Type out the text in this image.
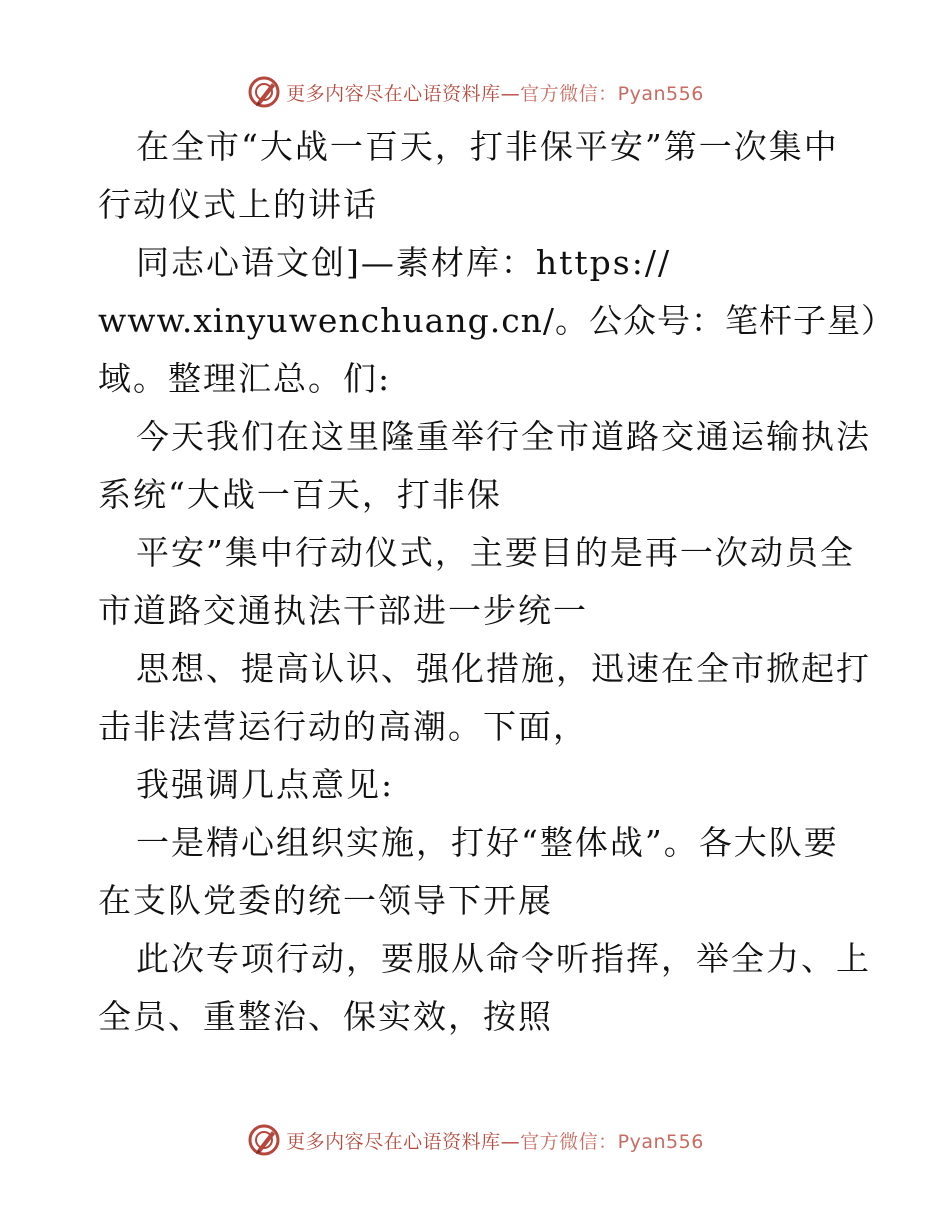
更多内容尽在心语资料库—官方微信：Pyan556
在全市“大战一百天，打非保平安”第一次集中
行动仪式上的讲话
同志心语文创]—素材库：https://
www.xinyuwenchuang.cn/。公众号：笔杆子星）
域。整理汇总。们:
今天我们在这里隆重举行全市道路交通运输执法
系统“大战一百天，打非保
平安”集中行动仪式，主要目的是再一次动员全
市道路交通执法干部进一步统一
思想、提高认识、强化措施，迅速在全市掀起打
击非法营运行动的高潮。下面，
我强调几点意见:
一是精心组织实施，打好“整体战”。各大队要
在支队党委的统一领导下开展
此次专项行动，要服从命令听指挥，举全力、上
全员、重整治、保实效，按照
更多内容尽在心语资料库—官方微信：Pyan556
